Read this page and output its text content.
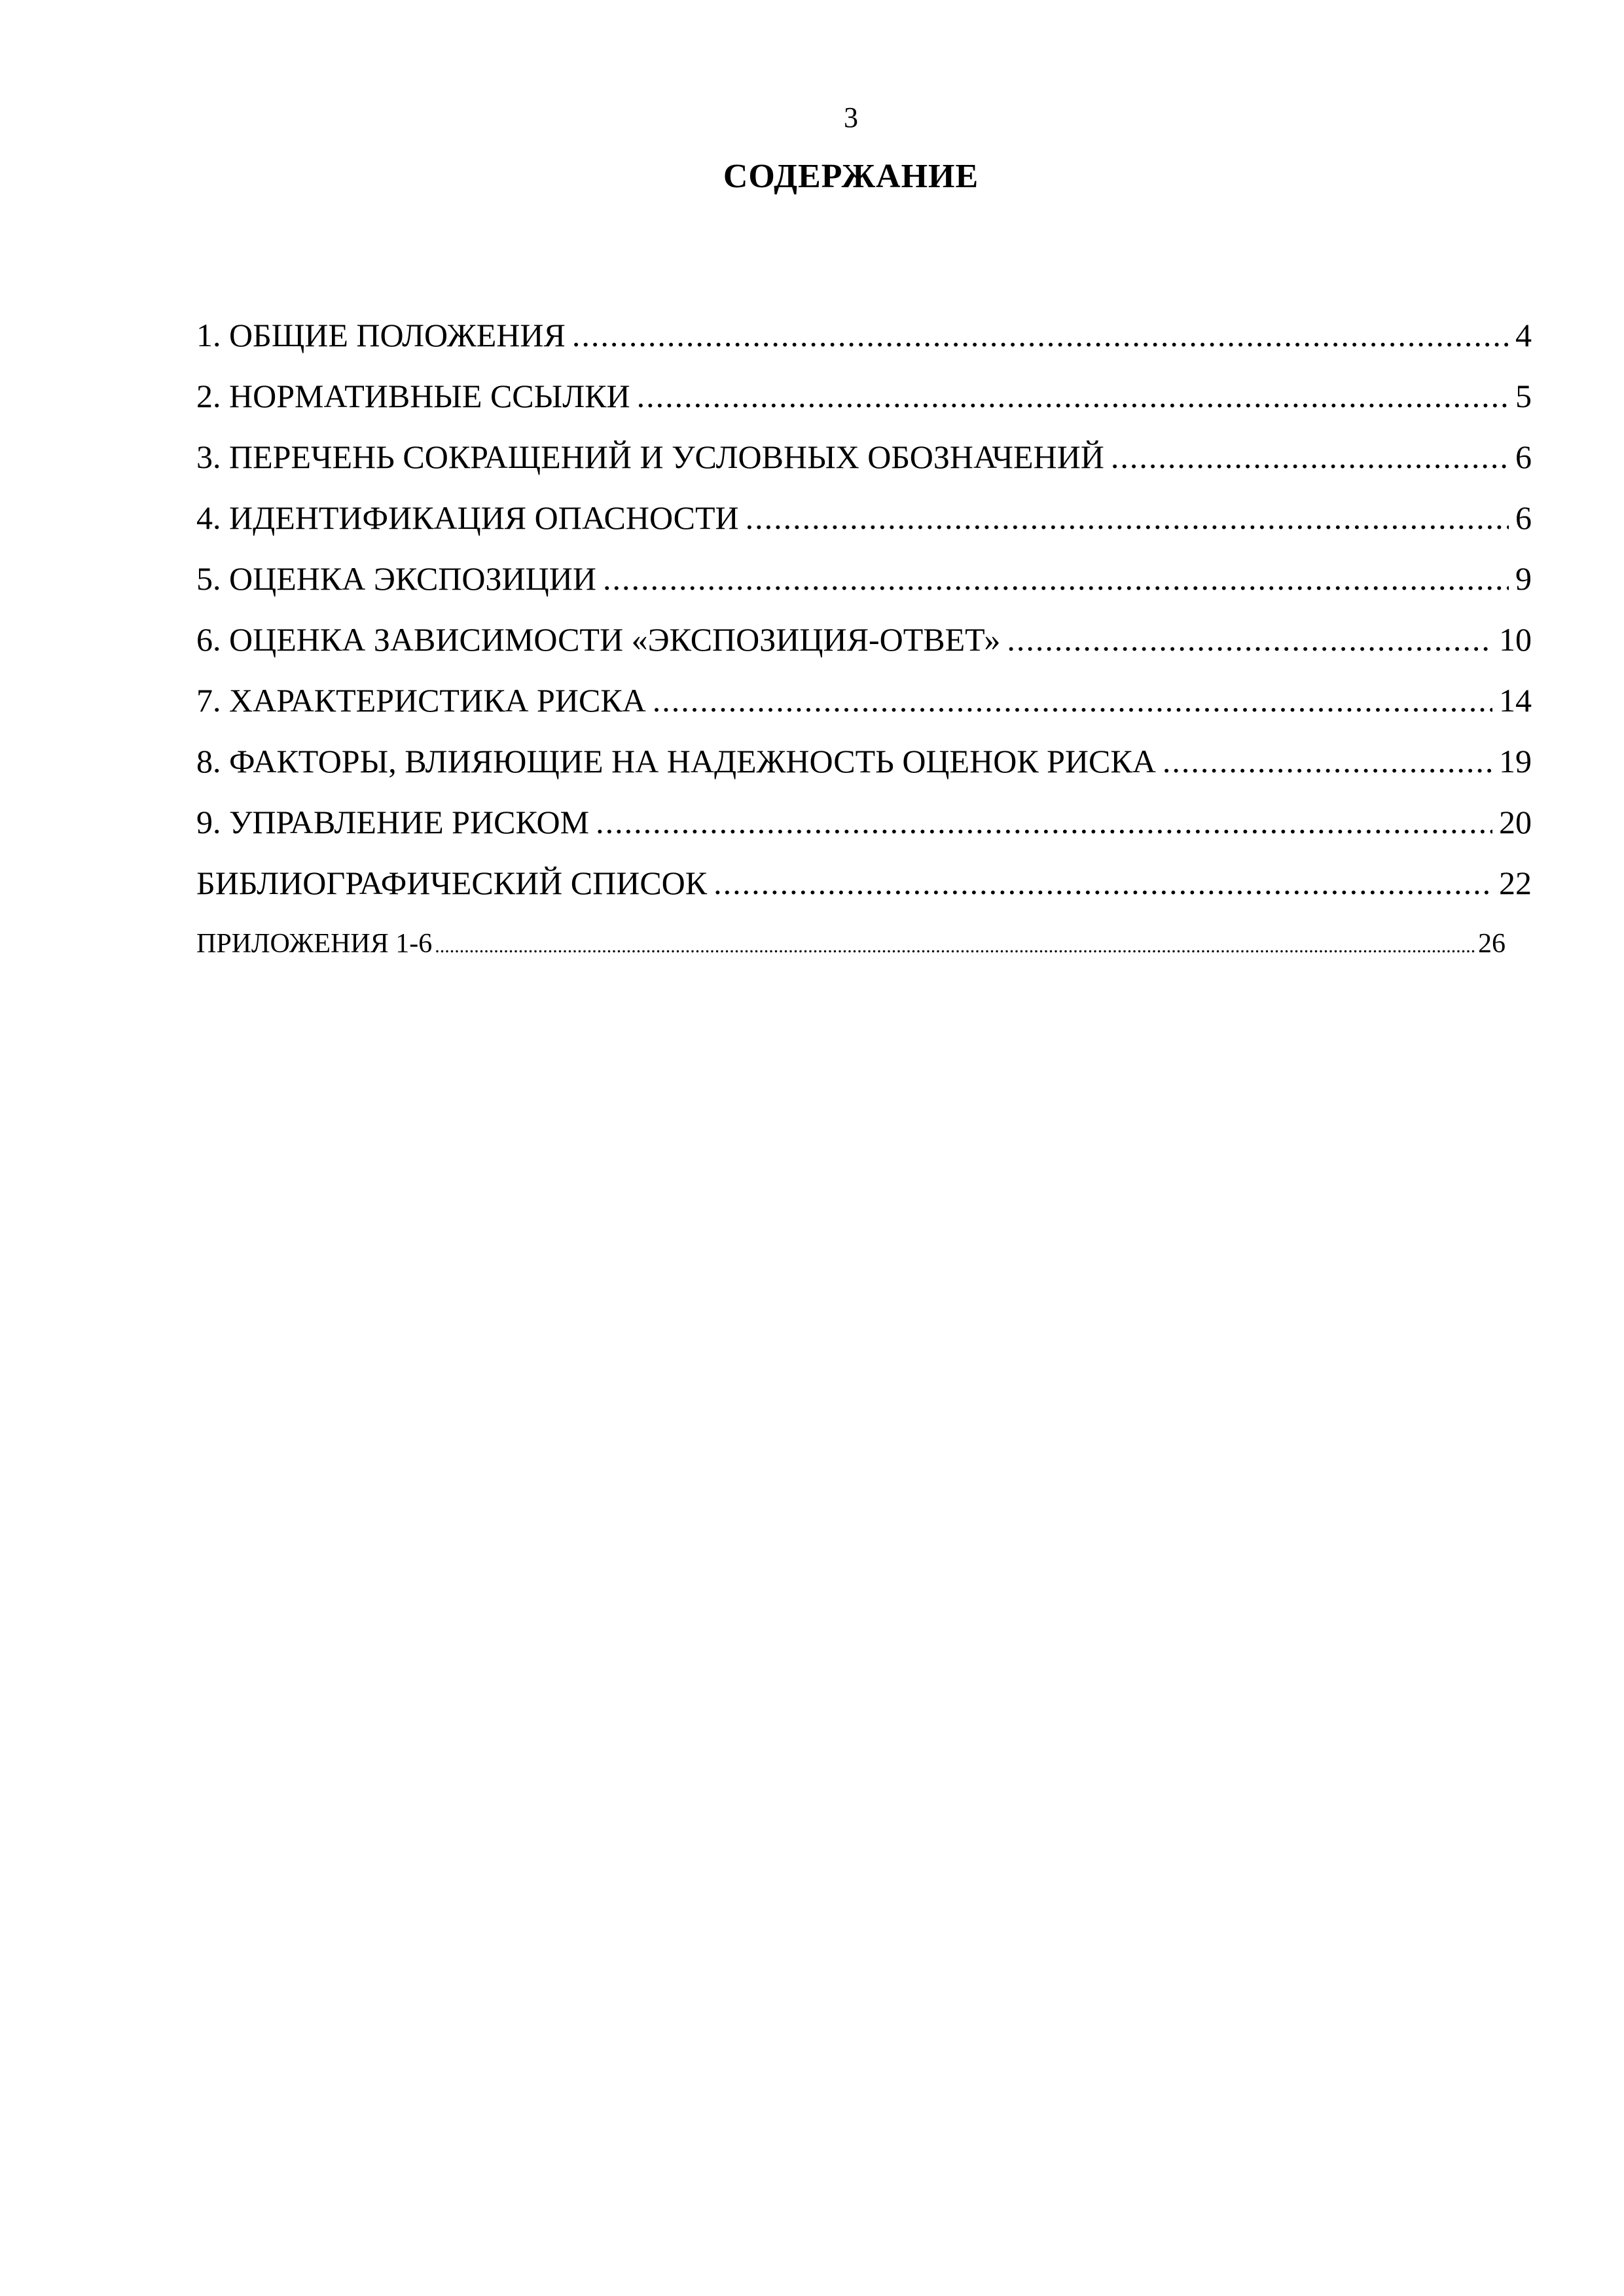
3
СОДЕРЖАНИЕ
1. ОБЩИЕ ПОЛОЖЕНИЯ .....	4
2. НОРМАТИВНЫЕ ССЫЛКИ .....	5
3. ПЕРЕЧЕНЬ СОКРАЩЕНИЙ И УСЛОВНЫХ ОБОЗНАЧЕНИЙ .....	6
4. ИДЕНТИФИКАЦИЯ ОПАСНОСТИ .....	6
5. ОЦЕНКА ЭКСПОЗИЦИИ .....	9
6. ОЦЕНКА ЗАВИСИМОСТИ «ЭКСПОЗИЦИЯ-ОТВЕТ» .....	10
7. ХАРАКТЕРИСТИКА РИСКА .....	14
8. ФАКТОРЫ, ВЛИЯЮЩИЕ НА НАДЕЖНОСТЬ ОЦЕНОК РИСКА .....	19
9. УПРАВЛЕНИЕ РИСКОМ .....	20
БИБЛИОГРАФИЧЕСКИЙ СПИСОК .....	22
ПРИЛОЖЕНИЯ 1-6 .....	26
